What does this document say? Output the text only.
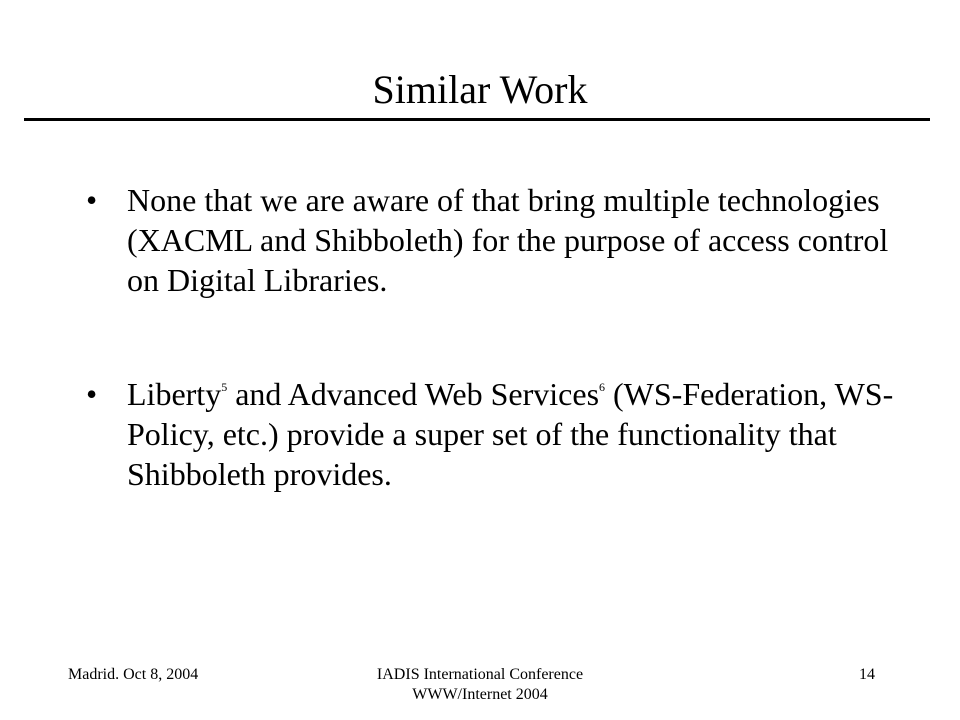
Similar Work
• None that we are aware of that bring multiple technologies (XACML and Shibboleth) for the purpose of access control on Digital Libraries.
• Liberty$^5$ and Advanced Web Services$^6$ (WS-Federation, WS-Policy, etc.) provide a super set of the functionality that Shibboleth provides.
Madrid. Oct 8, 2004	IADIS International Conference
WWW/Internet 2004
14
